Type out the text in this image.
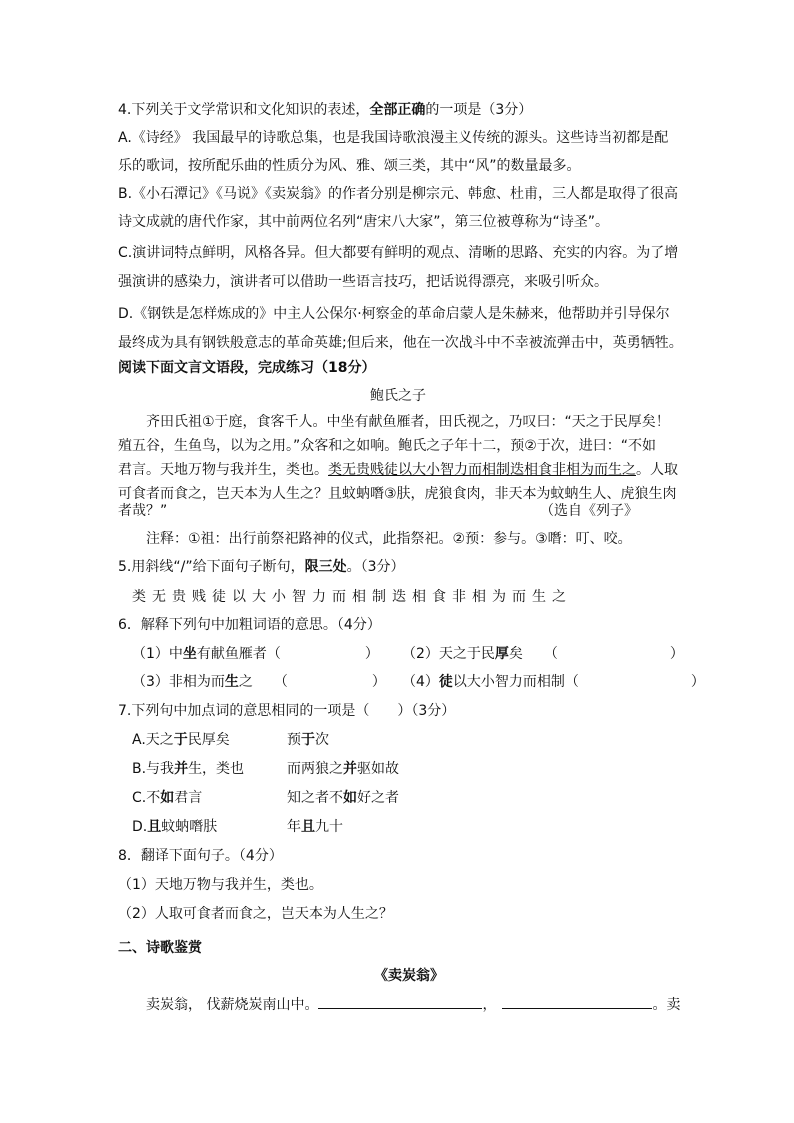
4.下列关于文学常识和文化知识的表述，全部正确的一项是（3分）
A.《诗经》 我国最早的诗歌总集，也是我国诗歌浪漫主义传统的源头。这些诗当初都是配
乐的歌词，按所配乐曲的性质分为风、雅、颂三类，其中“风”的数量最多。
B.《小石潭记》《马说》《卖炭翁》的作者分别是柳宗元、韩愈、杜甫，三人都是取得了很高
诗文成就的唐代作家，其中前两位名列“唐宋八大家”，第三位被尊称为“诗圣”。
C.演讲词特点鲜明，风格各异。但大都要有鲜明的观点、清晰的思路、充实的内容。为了增
强演讲的感染力，演讲者可以借助一些语言技巧，把话说得漂亮，来吸引听众。
D.《钢铁是怎样炼成的》中主人公保尔·柯察金的革命启蒙人是朱赫来，他帮助并引导保尔
最终成为具有钢铁般意志的革命英雄;但后来，他在一次战斗中不幸被流弹击中，英勇牺牲。
阅读下面文言文语段，完成练习（18分）
鲍氏之子
齐田氏祖①于庭，食客千人。中坐有献鱼雁者，田氏视之，乃叹曰：“天之于民厚矣！
殖五谷，生鱼鸟，以为之用。”众客和之如响。鲍氏之子年十二，预②于次，进曰：“不如
君言。天地万物与我并生，类也。类无贵贱徒以大小智力而相制迭相食非相为而生之。人取
可食者而食之，岂天本为人生之？且蚊蚋噆③肤，虎狼食肉，非天本为蚊蚋生人、虎狼生肉
者哉？”	（选自《列子》
注释：①祖：出行前祭祀路神的仪式，此指祭祀。②预：参与。③噆：叮、咬。
5.用斜线“/”给下面句子断句，限三处。（3分）
类无贵贱徒以大小智力而相制迭相食非相为而生之
6．解释下列句中加粗词语的意思。（4分）
（1）中坐有献鱼雁者（　　　　　　） （2）天之于民厚矣　　（　　　　　　　　）
（3）非相为而生之　　（　　　　　　） （4）徒以大小智力而相制（　　　　　　　　）
7.下列句中加点词的意思相同的一项是（　　）（3分）
A.天之于民厚矣	预于次
B.与我并生，类也	而两狼之并驱如故
C.不如君言	知之者不如好之者
D.且蚊蚋噆肤	年且九十
8．翻译下面句子。（4分）
（1）天地万物与我并生，类也。
（2）人取可食者而食之，岂天本为人生之？
二、诗歌鉴赏
《卖炭翁》
卖炭翁， 伐薪烧炭南山中。	，	。卖
